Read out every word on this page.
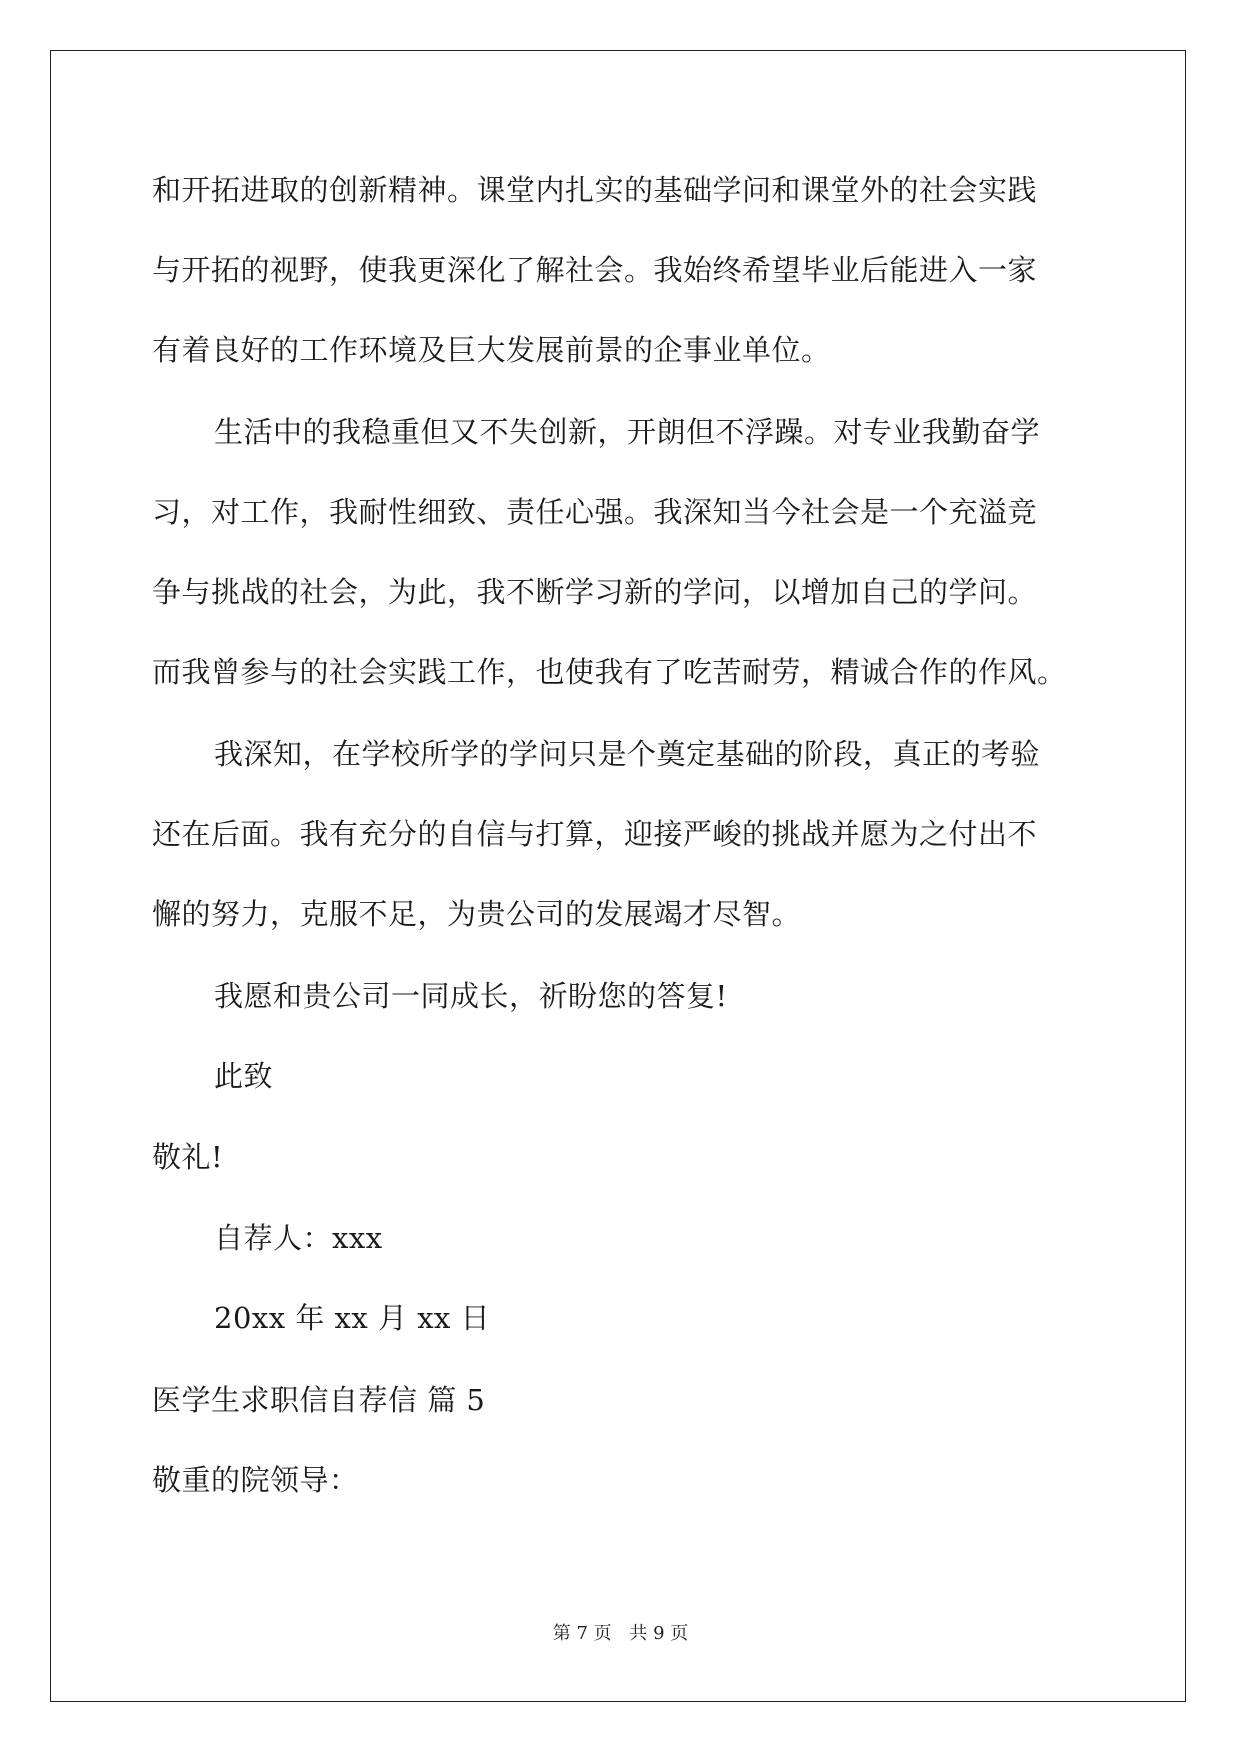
和开拓进取的创新精神。课堂内扎实的基础学问和课堂外的社会实践
与开拓的视野，使我更深化了解社会。我始终希望毕业后能进入一家
有着良好的工作环境及巨大发展前景的企事业单位。
生活中的我稳重但又不失创新，开朗但不浮躁。对专业我勤奋学
习，对工作，我耐性细致、责任心强。我深知当今社会是一个充溢竞
争与挑战的社会，为此，我不断学习新的学问，以增加自己的学问。
而我曾参与的社会实践工作，也使我有了吃苦耐劳，精诚合作的作风。
我深知，在学校所学的学问只是个奠定基础的阶段，真正的考验
还在后面。我有充分的自信与打算，迎接严峻的挑战并愿为之付出不
懈的努力，克服不足，为贵公司的发展竭才尽智。
我愿和贵公司一同成长，祈盼您的答复!
此致
敬礼!
自荐人：xxx
20xx 年 xx 月 xx 日
医学生求职信自荐信 篇 5
敬重的院领导：
第 7 页 共 9 页
